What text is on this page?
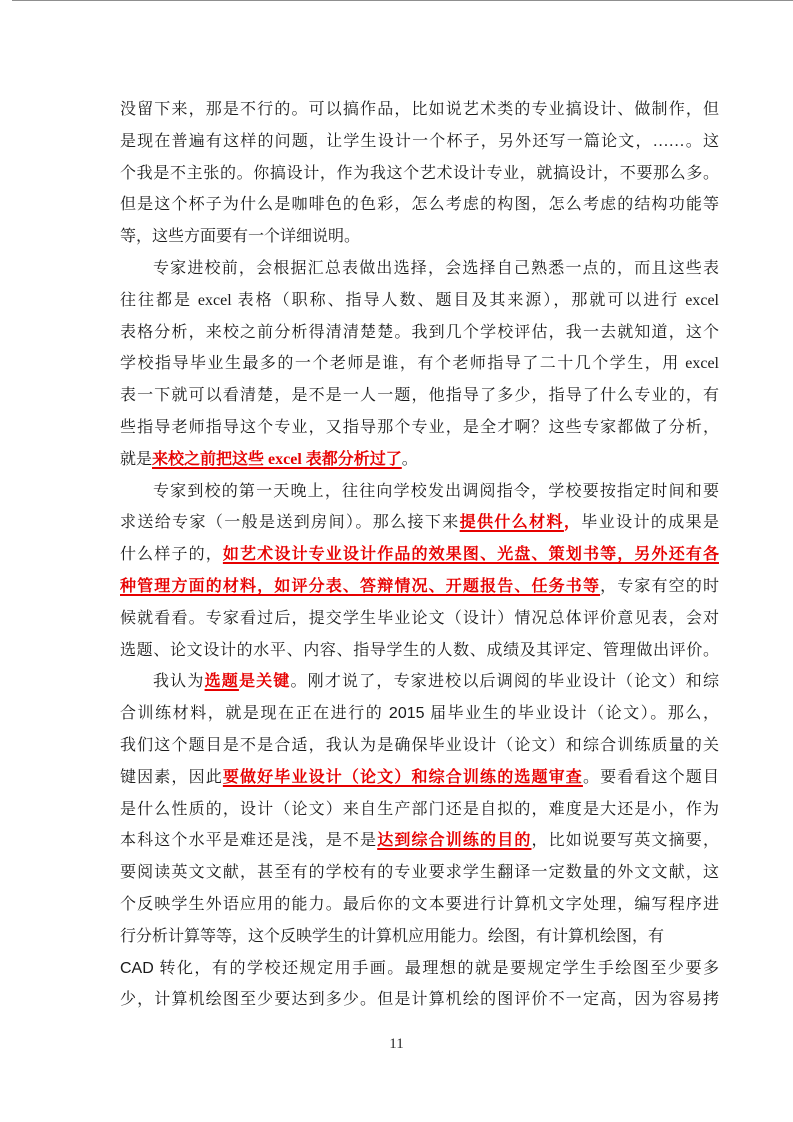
没留下来，那是不行的。可以搞作品，比如说艺术类的专业搞设计、做制作，但
是现在普遍有这样的问题，让学生设计一个杯子，另外还写一篇论文，……。这
个我是不主张的。你搞设计，作为我这个艺术设计专业，就搞设计，不要那么多。
但是这个杯子为什么是咖啡色的色彩，怎么考虑的构图，怎么考虑的结构功能等
等，这些方面要有一个详细说明。
专家进校前，会根据汇总表做出选择，会选择自己熟悉一点的，而且这些表
往往都是 excel 表格（职称、指导人数、题目及其来源），那就可以进行 excel
表格分析，来校之前分析得清清楚楚。我到几个学校评估，我一去就知道，这个
学校指导毕业生最多的一个老师是谁，有个老师指导了二十几个学生，用 excel
表一下就可以看清楚，是不是一人一题，他指导了多少，指导了什么专业的，有
些指导老师指导这个专业，又指导那个专业，是全才啊？这些专家都做了分析，
就是来校之前把这些 excel 表都分析过了。
专家到校的第一天晚上，往往向学校发出调阅指令，学校要按指定时间和要
求送给专家（一般是送到房间）。那么接下来提供什么材料，毕业设计的成果是
什么样子的，如艺术设计专业设计作品的效果图、光盘、策划书等，另外还有各
种管理方面的材料，如评分表、答辩情况、开题报告、任务书等，专家有空的时
候就看看。专家看过后，提交学生毕业论文（设计）情况总体评价意见表，会对
选题、论文设计的水平、内容、指导学生的人数、成绩及其评定、管理做出评价。
我认为选题是关键。刚才说了，专家进校以后调阅的毕业设计（论文）和综
合训练材料，就是现在正在进行的 2015 届毕业生的毕业设计（论文）。那么，
我们这个题目是不是合适，我认为是确保毕业设计（论文）和综合训练质量的关
键因素，因此要做好毕业设计（论文）和综合训练的选题审查。要看看这个题目
是什么性质的，设计（论文）来自生产部门还是自拟的，难度是大还是小，作为
本科这个水平是难还是浅，是不是达到综合训练的目的，比如说要写英文摘要，
要阅读英文文献，甚至有的学校有的专业要求学生翻译一定数量的外文文献，这
个反映学生外语应用的能力。最后你的文本要进行计算机文字处理，编写程序进
行分析计算等等，这个反映学生的计算机应用能力。绘图，有计算机绘图，有
CAD 转化，有的学校还规定用手画。最理想的就是要规定学生手绘图至少要多
少，计算机绘图至少要达到多少。但是计算机绘的图评价不一定高，因为容易拷
11
